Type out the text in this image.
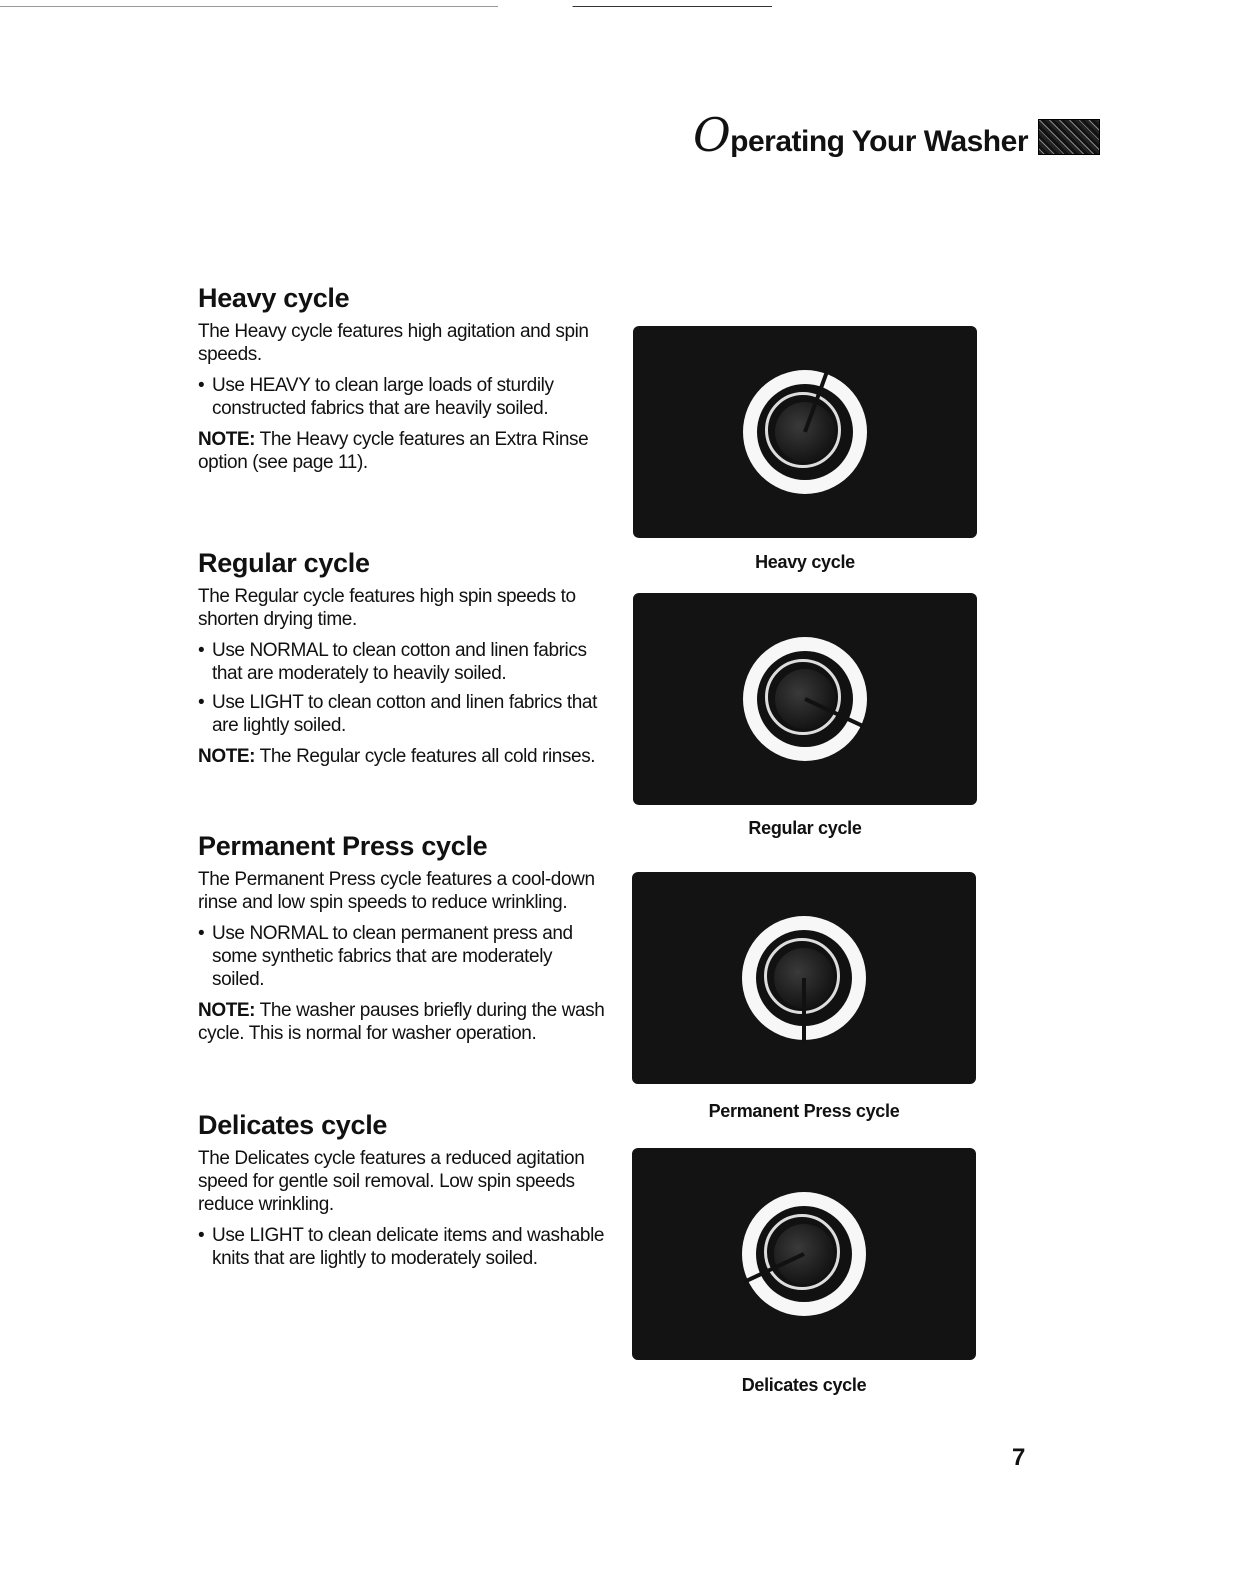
Operating Your Washer
Heavy cycle

The Heavy cycle features high agitation and spin speeds.

• Use HEAVY to clean large loads of sturdily constructed fabrics that are heavily soiled.

NOTE: The Heavy cycle features an Extra Rinse option (see page 11).

Regular cycle

The Regular cycle features high spin speeds to shorten drying time.

• Use NORMAL to clean cotton and linen fabrics that are moderately to heavily soiled.
• Use LIGHT to clean cotton and linen fabrics that are lightly soiled.

NOTE: The Regular cycle features all cold rinses.

Permanent Press cycle

The Permanent Press cycle features a cool-down rinse and low spin speeds to reduce wrinkling.

• Use NORMAL to clean permanent press and some synthetic fabrics that are moderately soiled.

NOTE: The washer pauses briefly during the wash cycle. This is normal for washer operation.

Delicates cycle

The Delicates cycle features a reduced agitation speed for gentle soil removal. Low spin speeds reduce wrinkling.

• Use LIGHT to clean delicate items and washable knits that are lightly to moderately soiled.
Heavy cycle
Regular cycle
Permanent Press cycle
Delicates cycle
7
